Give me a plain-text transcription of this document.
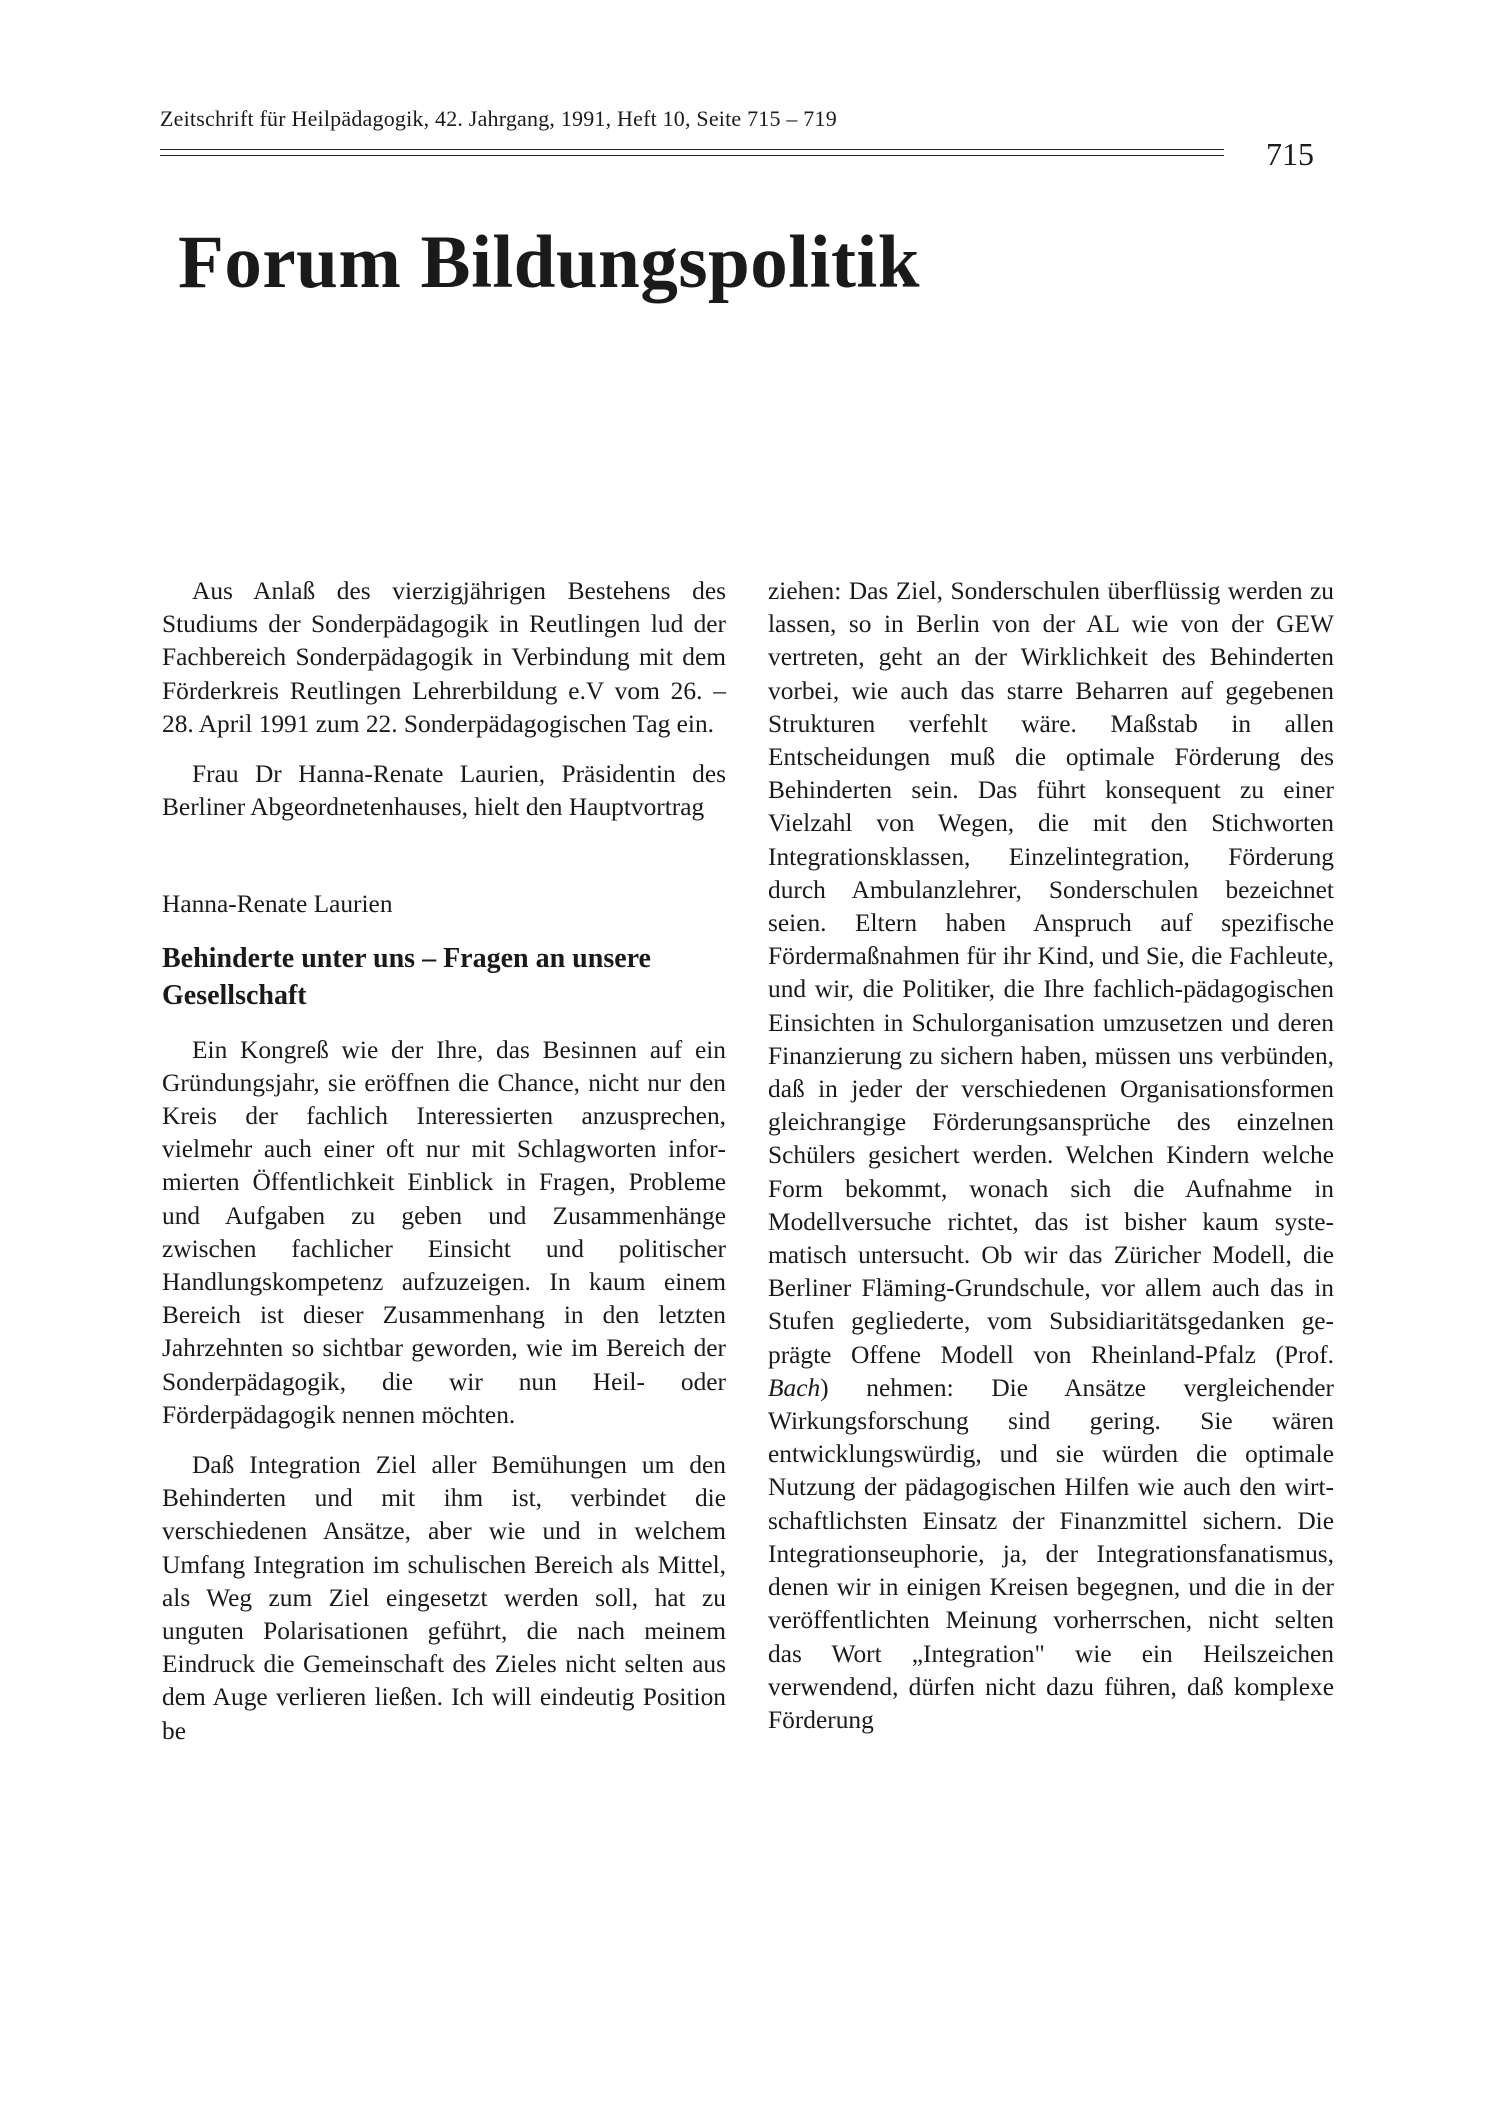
Zeitschrift für Heilpädagogik, 42. Jahrgang, 1991, Heft 10, Seite 715 – 719
715
Forum Bildungspolitik

Aus Anlaß des vierzigjährigen Bestehens des Studiums der Sonderpädagogik in Reutlingen lud der Fachbereich Sonderpädagogik in Verbindung mit dem Förderkreis Reutlingen Lehrerbildung e.V vom 26. – 28. April 1991 zum 22. Sonderpädagogischen Tag ein.

Frau Dr Hanna-Renate Laurien, Präsidentin des Berliner Abgeordnetenhauses, hielt den Hauptvortrag

Hanna-Renate Laurien

Behinderte unter uns – Fragen an unsere Gesellschaft

Ein Kongreß wie der Ihre, das Besinnen auf ein Gründungsjahr, sie eröffnen die Chance, nicht nur den Kreis der fachlich Interessierten anzusprechen, vielmehr auch einer oft nur mit Schlagworten informierten Öffentlichkeit Einblick in Fragen, Probleme und Aufgaben zu geben und Zusammenhänge zwischen fachlicher Einsicht und politischer Handlungskompetenz aufzuzeigen. In kaum einem Bereich ist dieser Zusammenhang in den letzten Jahrzehnten so sichtbar geworden, wie im Bereich der Sonderpädagogik, die wir nun Heil- oder Förderpädagogik nennen möchten.

Daß Integration Ziel aller Bemühungen um den Behinderten und mit ihm ist, verbindet die verschiedenen Ansätze, aber wie und in welchem Umfang Integration im schulischen Bereich als Mittel, als Weg zum Ziel eingesetzt werden soll, hat zu unguten Polarisationen geführt, die nach meinem Eindruck die Gemeinschaft des Zieles nicht selten aus dem Auge verlieren ließen. Ich will eindeutig Position be

ziehen: Das Ziel, Sonderschulen überflüssig werden zu lassen, so in Berlin von der AL wie von der GEW vertreten, geht an der Wirklichkeit des Behinderten vorbei, wie auch das starre Beharren auf gegebenen Strukturen verfehlt wäre. Maßstab in allen Entscheidungen muß die optimale Förderung des Behinderten sein. Das führt konsequent zu einer Vielzahl von Wegen, die mit den Stichworten Integrationsklassen, Einzelintegration, Förderung durch Ambulanzlehrer, Sonderschulen bezeichnet seien. Eltern haben Anspruch auf spezifische Fördermaßnahmen für ihr Kind, und Sie, die Fachleute, und wir, die Politiker, die Ihre fachlich-pädagogischen Einsichten in Schulorganisation umzusetzen und deren Finanzierung zu sichern haben, müssen uns verbünden, daß in jeder der verschiedenen Organisationsformen gleichrangige Förderungsansprüche des einzelnen Schülers gesichert werden. Welchen Kindern welche Form bekommt, wonach sich die Aufnahme in Modellversuche richtet, das ist bisher kaum systematisch untersucht. Ob wir das Züricher Modell, die Berliner Fläming-Grundschule, vor allem auch das in Stufen gegliederte, vom Subsidiaritätsgedanken geprägte Offene Modell von Rheinland-Pfalz (Prof. Bach) nehmen: Die Ansätze vergleichender Wirkungsforschung sind gering. Sie wären entwicklungswürdig, und sie würden die optimale Nutzung der pädagogischen Hilfen wie auch den wirtschaftlichsten Einsatz der Finanzmittel sichern. Die Integrationseuphorie, ja, der Integrationsfanatismus, denen wir in einigen Kreisen begegnen, und die in der veröffentlichten Meinung vorherrschen, nicht selten das Wort „Integration" wie ein Heilszeichen verwendend, dürfen nicht dazu führen, daß komplexe Förderung
